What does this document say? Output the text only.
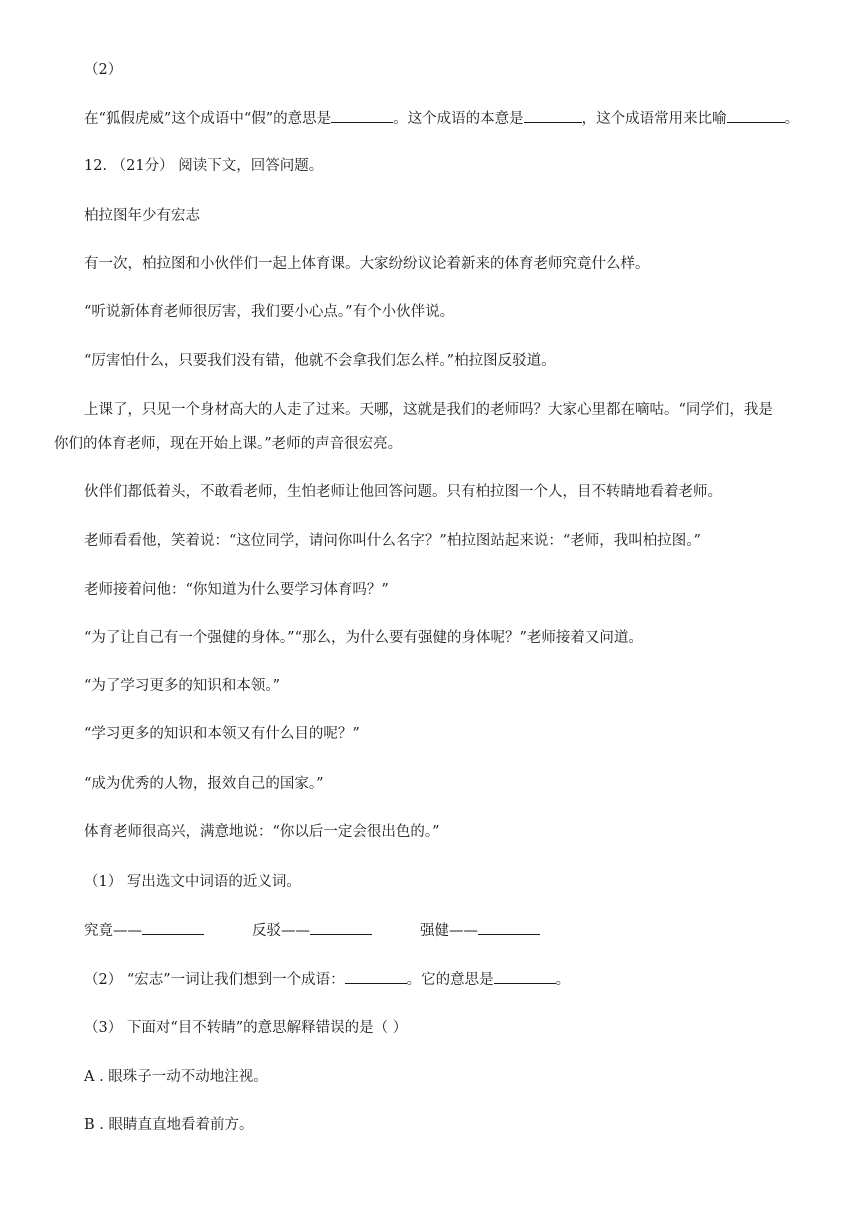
（2）
在“狐假虎威”这个成语中“假”的意思是	。这个成语的本意是	，这个成语常用来比喻	。
12. （21分） 阅读下文，回答问题。
柏拉图年少有宏志
有一次，柏拉图和小伙伴们一起上体育课。大家纷纷议论着新来的体育老师究竟什么样。
“听说新体育老师很厉害，我们要小心点。”有个小伙伴说。
“厉害怕什么，只要我们没有错，他就不会拿我们怎么样。”柏拉图反驳道。
上课了，只见一个身材高大的人走了过来。天哪，这就是我们的老师吗？大家心里都在嘀咕。“同学们，我是
你们的体育老师，现在开始上课。”老师的声音很宏亮。
伙伴们都低着头，不敢看老师，生怕老师让他回答问题。只有柏拉图一个人，目不转睛地看着老师。
老师看看他，笑着说：“这位同学，请问你叫什么名字？”柏拉图站起来说：“老师，我叫柏拉图。”
老师接着问他：“你知道为什么要学习体育吗？”
“为了让自己有一个强健的身体。”“那么，为什么要有强健的身体呢？”老师接着又问道。
“为了学习更多的知识和本领。”
“学习更多的知识和本领又有什么目的呢？”
“成为优秀的人物，报效自己的国家。”
体育老师很高兴，满意地说：“你以后一定会很出色的。”
（1） 写出选文中词语的近义词。
究竟——	反驳——	强健——
（2） “宏志”一词让我们想到一个成语：	。它的意思是	。
（3） 下面对“目不转睛”的意思解释错误的是（ ）
A . 眼珠子一动不动地注视。
B . 眼睛直直地看着前方。
